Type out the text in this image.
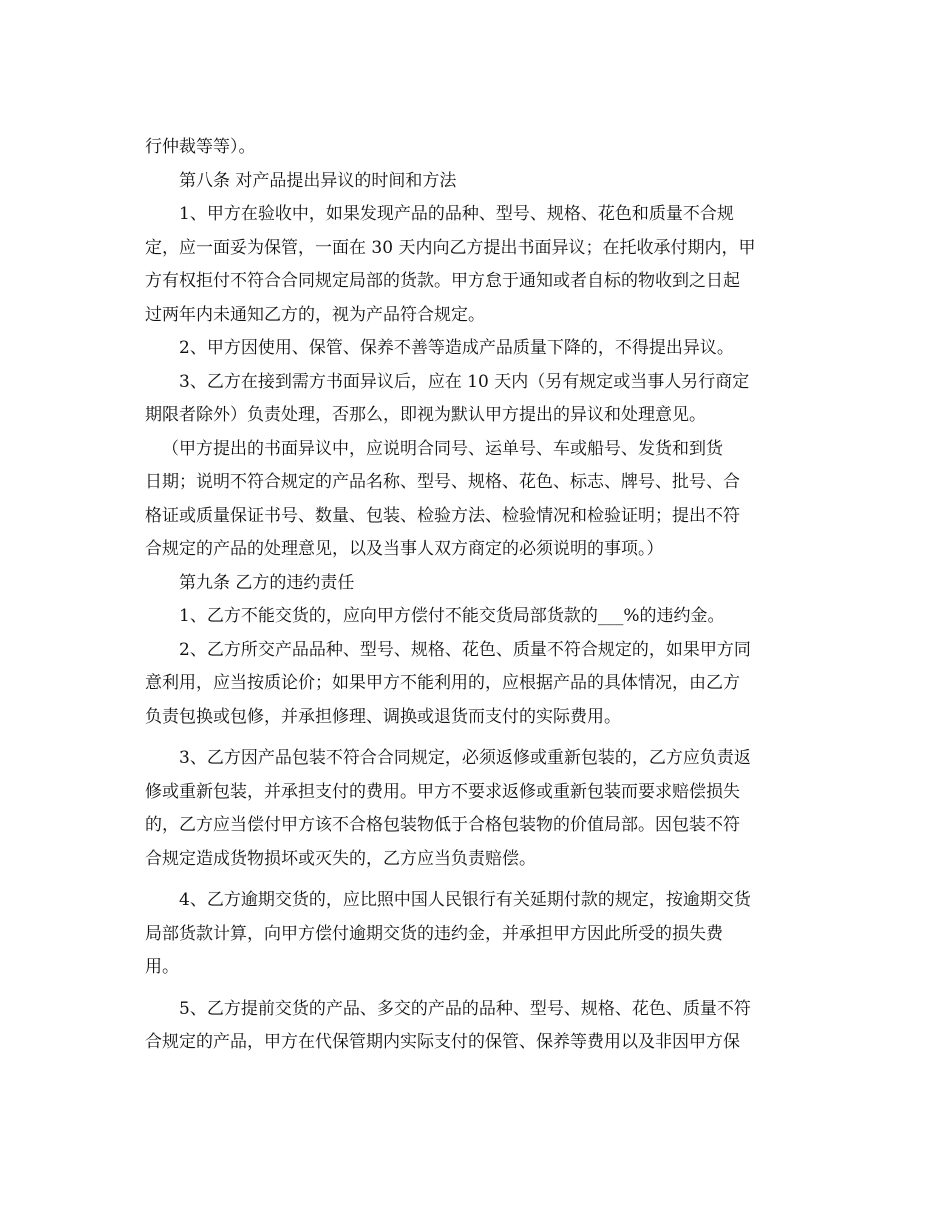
行仲裁等等）。
第八条 对产品提出异议的时间和方法
1、甲方在验收中，如果发现产品的品种、型号、规格、花色和质量不合规
定，应一面妥为保管，一面在 30 天内向乙方提出书面异议；在托收承付期内，甲
方有权拒付不符合合同规定局部的货款。甲方怠于通知或者自标的物收到之日起
过两年内未通知乙方的，视为产品符合规定。
2、甲方因使用、保管、保养不善等造成产品质量下降的，不得提出异议。
3、乙方在接到需方书面异议后，应在 10 天内（另有规定或当事人另行商定
期限者除外）负责处理，否那么，即视为默认甲方提出的异议和处理意见。
（甲方提出的书面异议中，应说明合同号、运单号、车或船号、发货和到货
日期；说明不符合规定的产品名称、型号、规格、花色、标志、牌号、批号、合
格证或质量保证书号、数量、包装、检验方法、检验情况和检验证明；提出不符
合规定的产品的处理意见，以及当事人双方商定的必须说明的事项。）
第九条 乙方的违约责任
1、乙方不能交货的，应向甲方偿付不能交货局部货款的___%的违约金。
2、乙方所交产品品种、型号、规格、花色、质量不符合规定的，如果甲方同
意利用，应当按质论价；如果甲方不能利用的，应根据产品的具体情况，由乙方
负责包换或包修，并承担修理、调换或退货而支付的实际费用。
3、乙方因产品包装不符合合同规定，必须返修或重新包装的，乙方应负责返
修或重新包装，并承担支付的费用。甲方不要求返修或重新包装而要求赔偿损失
的，乙方应当偿付甲方该不合格包装物低于合格包装物的价值局部。因包装不符
合规定造成货物损坏或灭失的，乙方应当负责赔偿。
4、乙方逾期交货的，应比照中国人民银行有关延期付款的规定，按逾期交货
局部货款计算，向甲方偿付逾期交货的违约金，并承担甲方因此所受的损失费
用。
5、乙方提前交货的产品、多交的产品的品种、型号、规格、花色、质量不符
合规定的产品，甲方在代保管期内实际支付的保管、保养等费用以及非因甲方保
